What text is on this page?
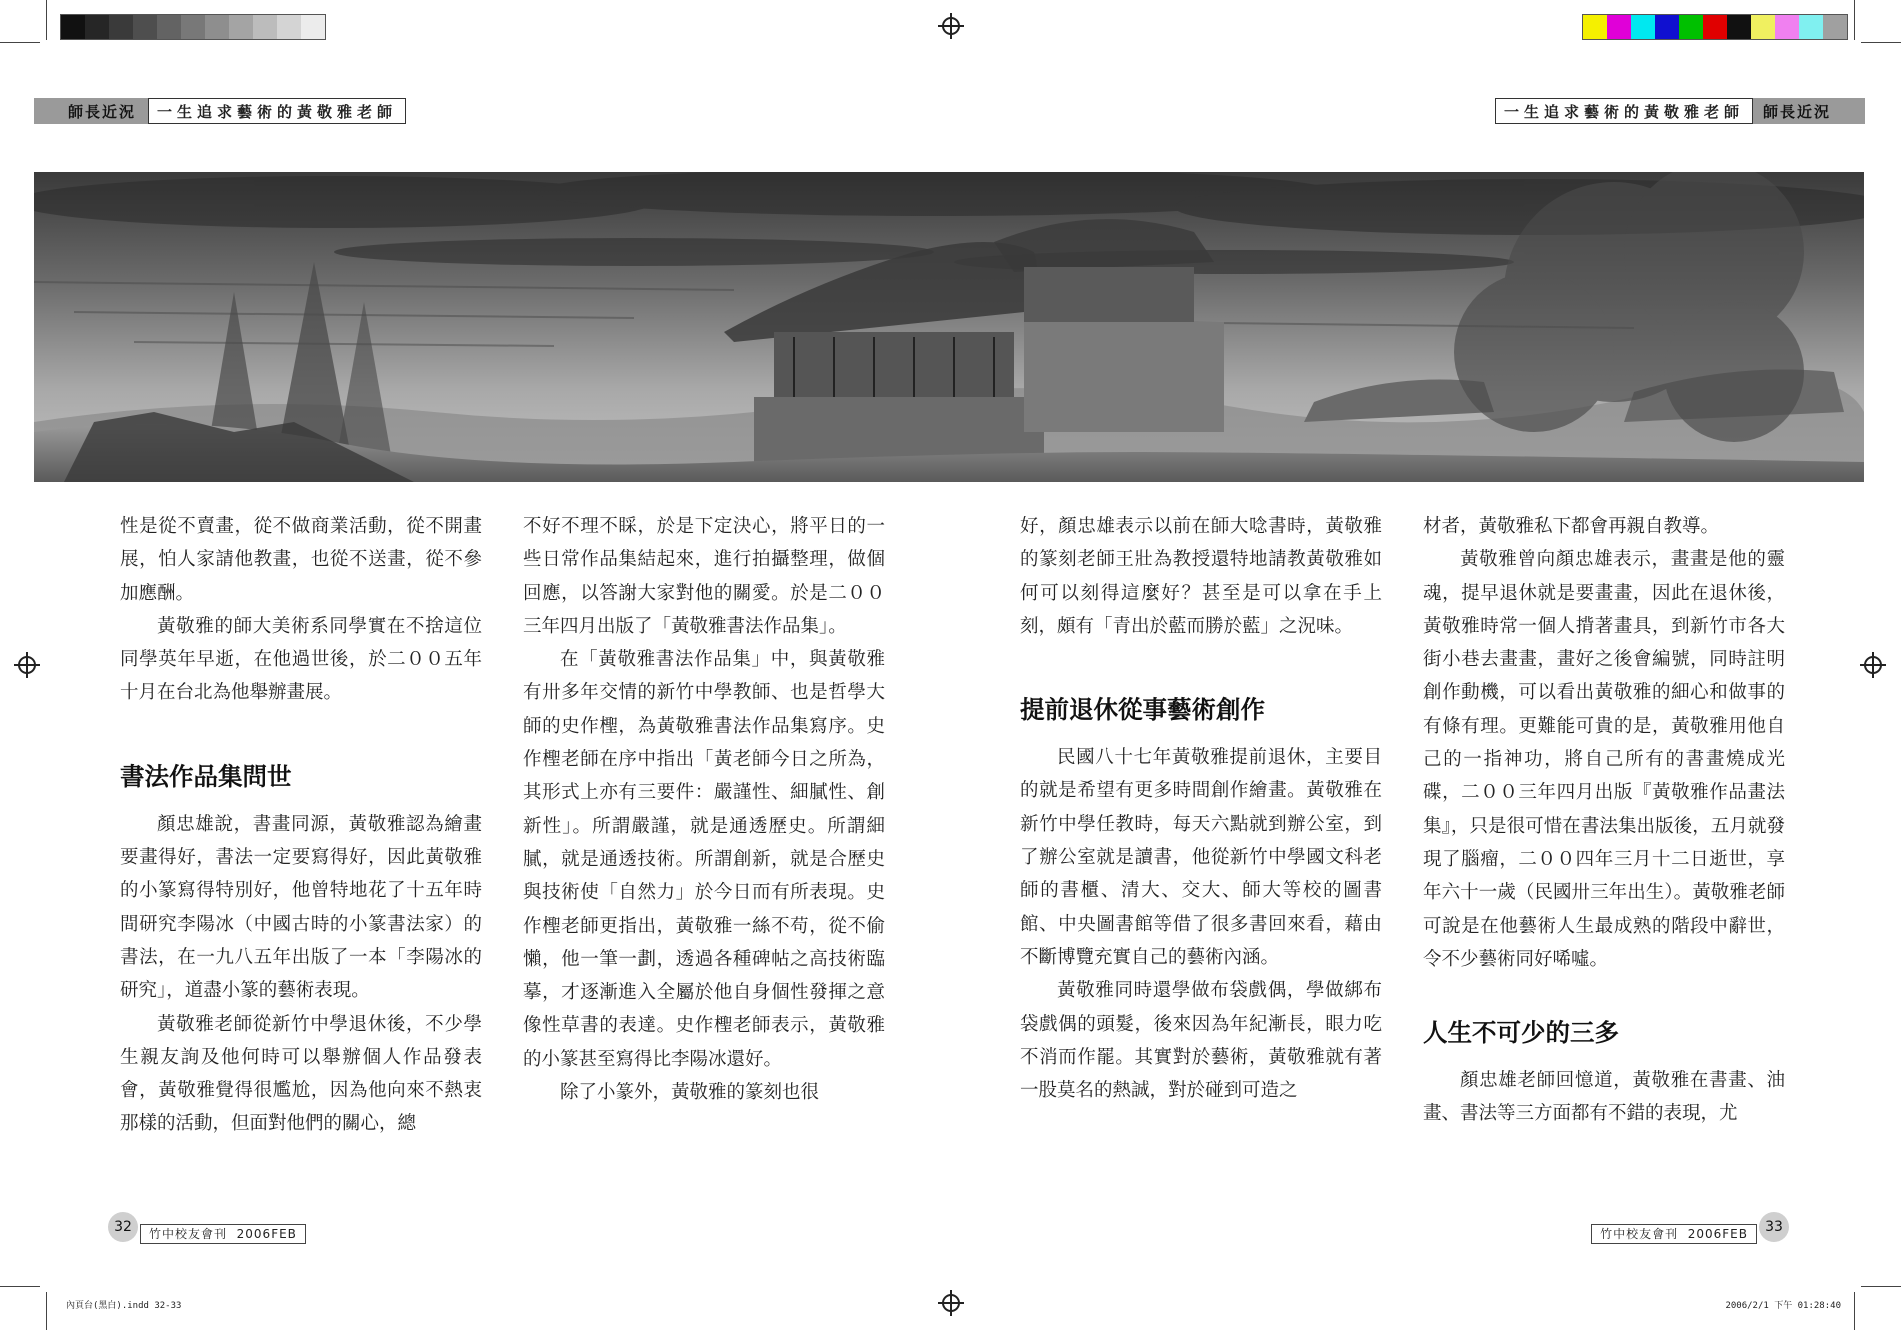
師長近況	一生追求藝術的黃敬雅老師	一生追求藝術的黃敬雅老師	師長近況

性是從不賣畫，從不做商業活動，從不開畫展，怕人家請他教畫，也從不送畫，從不參加應酬。

黃敬雅的師大美術系同學實在不捨這位同學英年早逝，在他過世後，於二００五年十月在台北為他舉辦畫展。

書法作品集問世

顏忠雄說，書畫同源，黃敬雅認為繪畫要畫得好，書法一定要寫得好，因此黃敬雅的小篆寫得特別好，他曾特地花了十五年時間研究李陽冰（中國古時的小篆書法家）的書法，在一九八五年出版了一本「李陽冰的研究」，道盡小篆的藝術表現。

黃敬雅老師從新竹中學退休後，不少學生親友詢及他何時可以舉辦個人作品發表會，黃敬雅覺得很尷尬，因為他向來不熱衷那樣的活動，但面對他們的關心，總

不好不理不睬，於是下定決心，將平日的一些日常作品集結起來，進行拍攝整理，做個回應，以答謝大家對他的關愛。於是二００三年四月出版了「黃敬雅書法作品集」。

在「黃敬雅書法作品集」中，與黃敬雅有卅多年交情的新竹中學教師、也是哲學大師的史作檉，為黃敬雅書法作品集寫序。史作檉老師在序中指出「黃老師今日之所為，其形式上亦有三要件：嚴謹性、細膩性、創新性」。所謂嚴謹，就是通透歷史。所謂細膩，就是通透技術。所謂創新，就是合歷史與技術使「自然力」於今日而有所表現。史作檉老師更指出，黃敬雅一絲不苟，從不偷懶，他一筆一劃，透過各種碑帖之高技術臨摹，才逐漸進入全屬於他自身個性發揮之意像性草書的表達。史作檉老師表示，黃敬雅的小篆甚至寫得比李陽冰還好。

除了小篆外，黃敬雅的篆刻也很

好，顏忠雄表示以前在師大唸書時，黃敬雅的篆刻老師王壯為教授還特地請教黃敬雅如何可以刻得這麼好？甚至是可以拿在手上刻，頗有「青出於藍而勝於藍」之況味。

提前退休從事藝術創作

民國八十七年黃敬雅提前退休，主要目的就是希望有更多時間創作繪畫。黃敬雅在新竹中學任教時，每天六點就到辦公室，到了辦公室就是讀書，他從新竹中學國文科老師的書櫃、清大、交大、師大等校的圖書館、中央圖書館等借了很多書回來看，藉由不斷博覽充實自己的藝術內涵。

黃敬雅同時還學做布袋戲偶，學做綁布袋戲偶的頭髮，後來因為年紀漸長，眼力吃不消而作罷。其實對於藝術，黃敬雅就有著一股莫名的熱誠，對於碰到可造之

材者，黃敬雅私下都會再親自教導。

黃敬雅曾向顏忠雄表示，畫畫是他的靈魂，提早退休就是要畫畫，因此在退休後，黃敬雅時常一個人揹著畫具，到新竹市各大街小巷去畫畫，畫好之後會編號，同時註明創作動機，可以看出黃敬雅的細心和做事的有條有理。更難能可貴的是，黃敬雅用他自己的一指神功，將自己所有的書畫燒成光碟，二００三年四月出版『黃敬雅作品畫法集』，只是很可惜在書法集出版後，五月就發現了腦瘤，二００四年三月十二日逝世，享年六十一歲（民國卅三年出生）。黃敬雅老師可說是在他藝術人生最成熟的階段中辭世，令不少藝術同好唏噓。

人生不可少的三多

顏忠雄老師回憶道，黃敬雅在書畫、油畫、書法等三方面都有不錯的表現，尤

32	竹中校友會刊 2006FEB	竹中校友會刊 2006FEB	33
內頁台(黑白).indd 32-33	2006/2/1 下午 01:28:40
